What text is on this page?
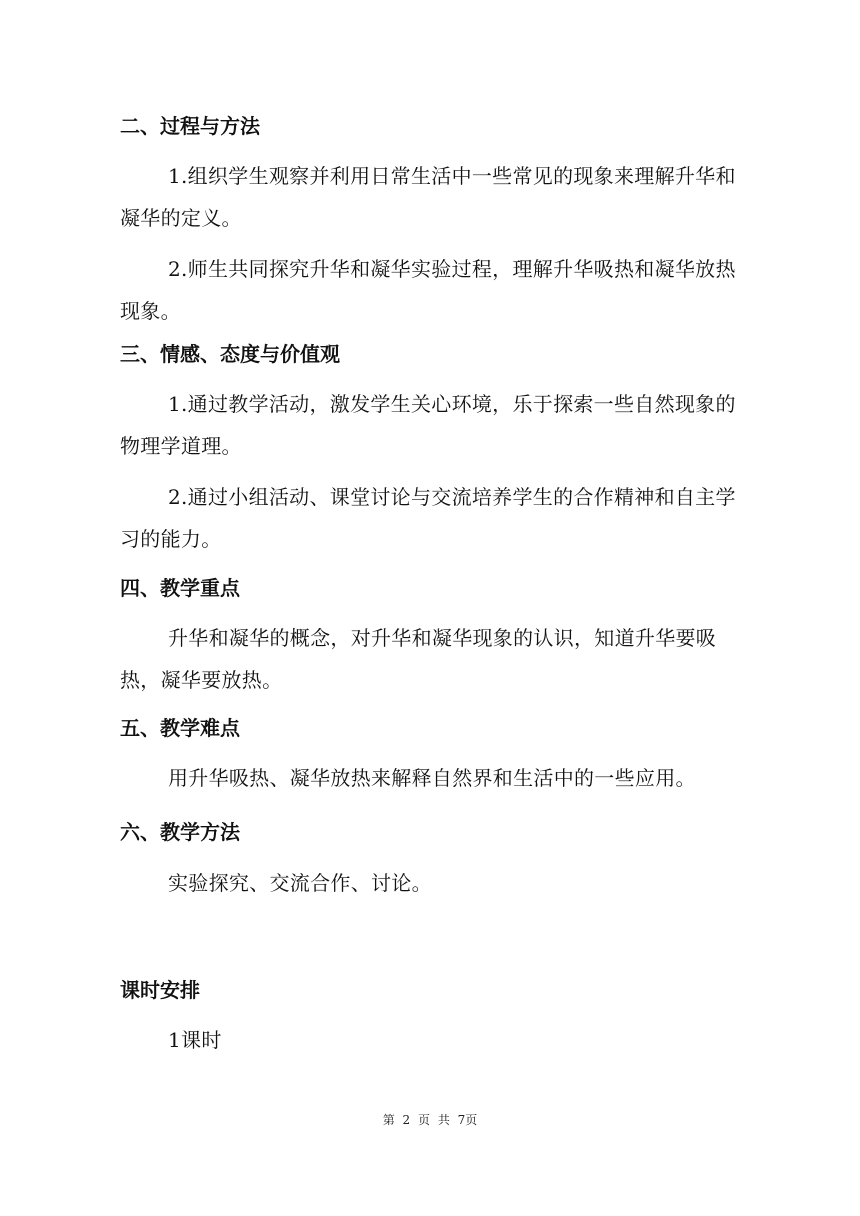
二、过程与方法
1.组织学生观察并利用日常生活中一些常见的现象来理解升华和凝华的定义。
2.师生共同探究升华和凝华实验过程，理解升华吸热和凝华放热现象。
三、情感、态度与价值观
1.通过教学活动，激发学生关心环境，乐于探索一些自然现象的物理学道理。
2.通过小组活动、课堂讨论与交流培养学生的合作精神和自主学习的能力。
四、教学重点
升华和凝华的概念，对升华和凝华现象的认识，知道升华要吸热，凝华要放热。
五、教学难点
用升华吸热、凝华放热来解释自然界和生活中的一些应用。
六、教学方法
实验探究、交流合作、讨论。
课时安排
1课时
第 2 页 共 7页
